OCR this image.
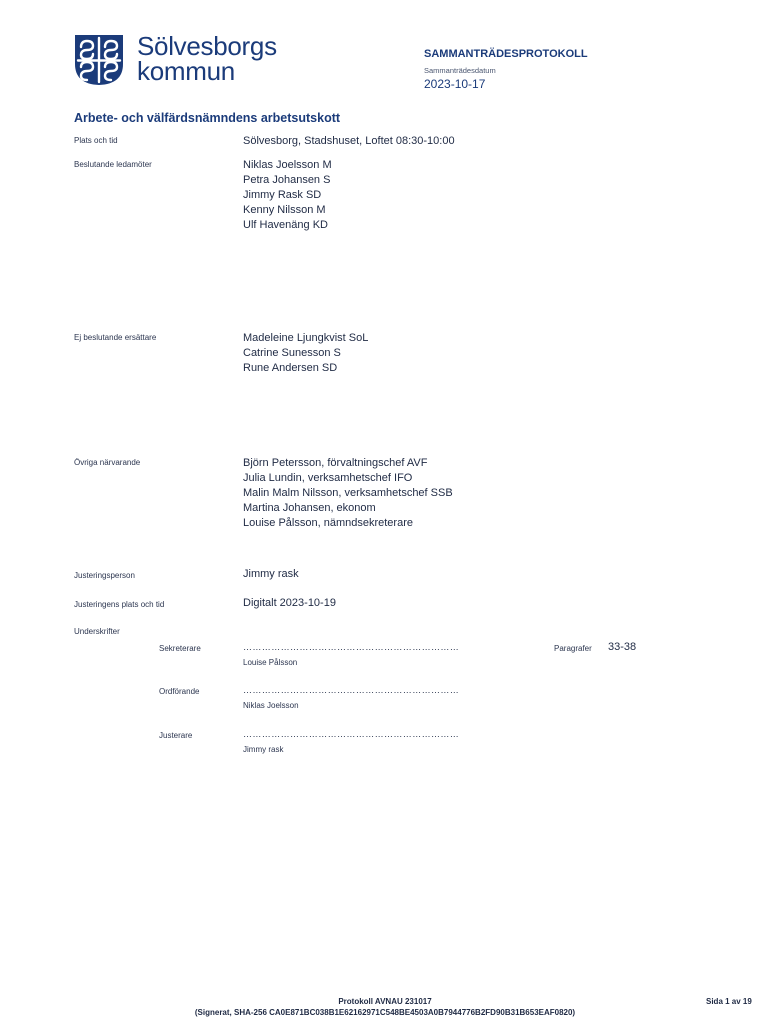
Sölvesborgs
kommun
SAMMANTRÄDESPROTOKOLL
Sammanträdesdatum
2023-10-17
Arbete- och välfärdsnämndens arbetsutskott
Plats och tid	Sölvesborg, Stadshuset, Loftet 08:30-10:00
Beslutande ledamöter	Niklas Joelsson M
Petra Johansen S
Jimmy Rask SD
Kenny Nilsson M
Ulf Havenäng KD
Ej beslutande ersättare	Madeleine Ljungkvist SoL
Catrine Sunesson S
Rune Andersen SD
Övriga närvarande	Björn Petersson, förvaltningschef AVF
Julia Lundin, verksamhetschef IFO
Malin Malm Nilsson, verksamhetschef SSB
Martina Johansen, ekonom
Louise Pålsson, nämndsekreterare
Justeringsperson	Jimmy rask
Justeringens plats och tid	Digitalt 2023-10-19
Underskrifter
Sekreterare	……………………………………………………………
Louise Pålsson
Paragrafer 33-38
Ordförande	……………………………………………………………
Niklas Joelsson
Justerare	……………………………………………………………
Jimmy rask
Protokoll AVNAU 231017
(Signerat, SHA-256 CA0E871BC038B1E62162971C548BE4503A0B7944776B2FD90B31B653EAF0820)
Sida 1 av 19
